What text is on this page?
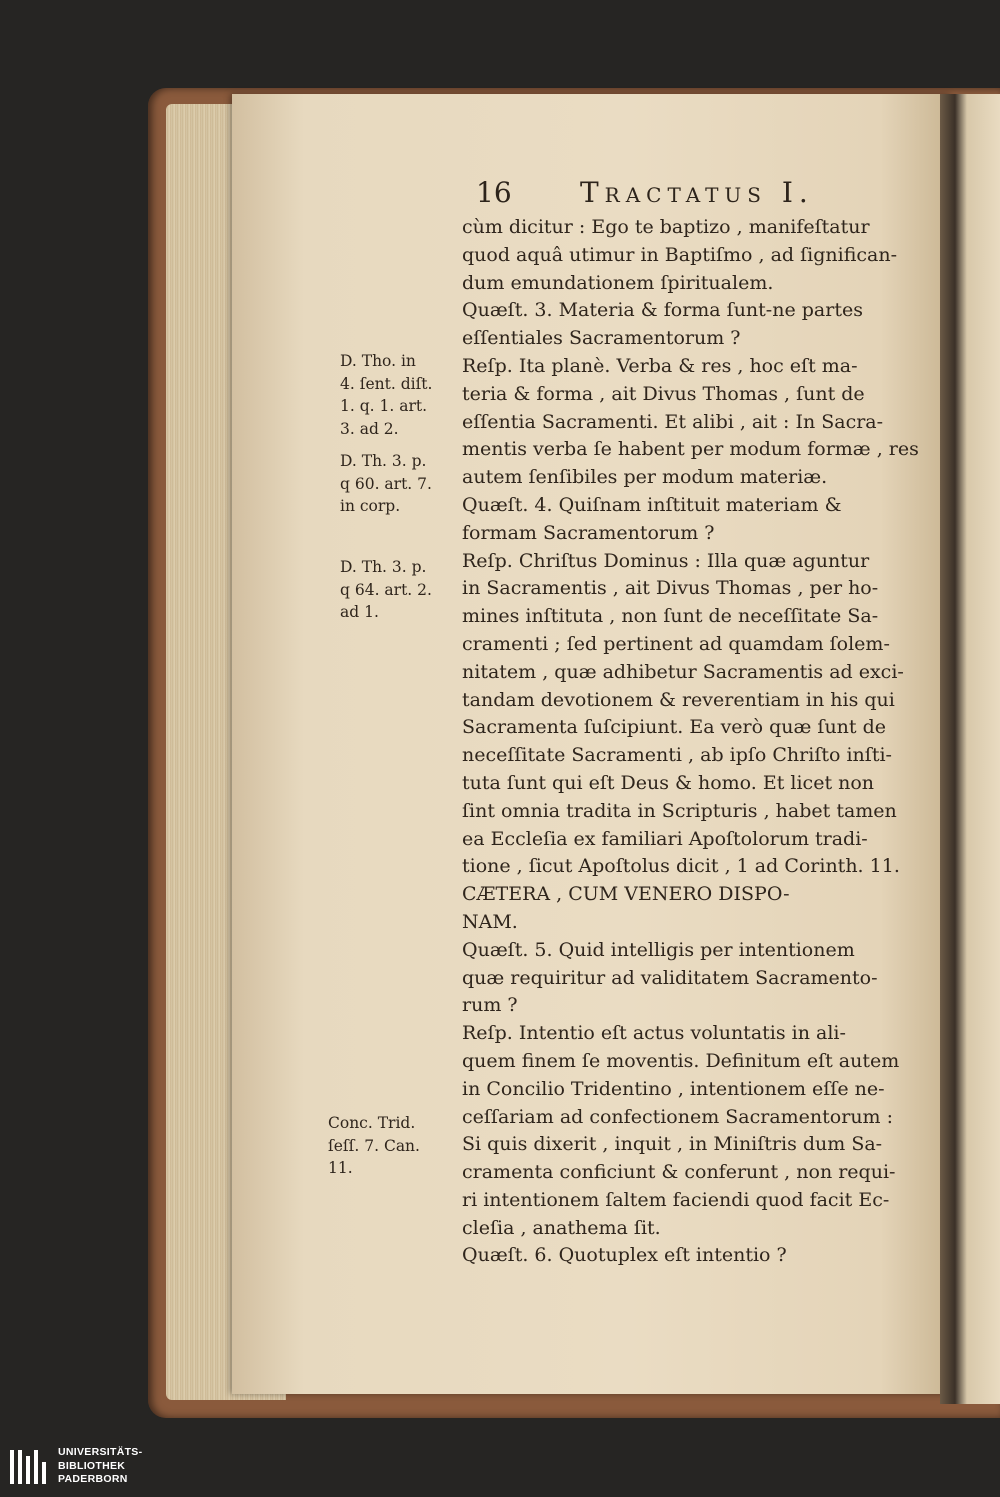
16 Tractatus I.
cùm dicitur : Ego te baptizo , manifeſtatur
quod aquâ utimur in Baptiſmo , ad ſignifican-
dum emundationem ſpiritualem.
Quæſt. 3. Materia & forma ſunt-ne partes
eſſentiales Sacramentorum ?
Reſp. Ita planè. Verba & res , hoc eſt ma-
teria & forma , ait Divus Thomas , ſunt de
eſſentia Sacramenti. Et alibi , ait : In Sacra-
mentis verba ſe habent per modum formæ , res
autem ſenſibiles per modum materiæ.
Quæſt. 4. Quiſnam inſtituit materiam &
formam Sacramentorum ?
Reſp. Chriſtus Dominus : Illa quæ aguntur
in Sacramentis , ait Divus Thomas , per ho-
mines inſtituta , non ſunt de neceſſitate Sa-
cramenti ; ſed pertinent ad quamdam ſolem-
nitatem , quæ adhibetur Sacramentis ad exci-
tandam devotionem & reverentiam in his qui
Sacramenta ſuſcipiunt. Ea verò quæ ſunt de
neceſſitate Sacramenti , ab ipſo Chriſto inſti-
tuta ſunt qui eſt Deus & homo. Et licet non
ſint omnia tradita in Scripturis , habet tamen
ea Eccleſia ex familiari Apoſtolorum tradi-
tione , ſicut Apoſtolus dicit , 1 ad Corinth. 11.
CÆTERA , CUM VENERO DISPO-
NAM.
Quæſt. 5. Quid intelligis per intentionem
quæ requiritur ad validitatem Sacramento-
rum ?
Reſp. Intentio eſt actus voluntatis in ali-
quem finem ſe moventis. Definitum eſt autem
in Concilio Tridentino , intentionem eſſe ne-
ceſſariam ad confectionem Sacramentorum :
Si quis dixerit , inquit , in Miniſtris dum Sa-
cramenta conficiunt & conferunt , non requi-
ri intentionem ſaltem faciendi quod facit Ec-
cleſia , anathema ſit.
Quæſt. 6. Quotuplex eſt intentio ?
D. Tho. in
4. ſent. diſt.
1. q. 1. art.
3. ad 2.
D. Th. 3. p.
q 60. art. 7.
in corp.
D. Th. 3. p.
q 64. art. 2.
ad 1.
Conc. Trid.
ſeſſ. 7. Can.
11.
UNIVERSITÄTS-
BIBLIOTHEK
PADERBORN
